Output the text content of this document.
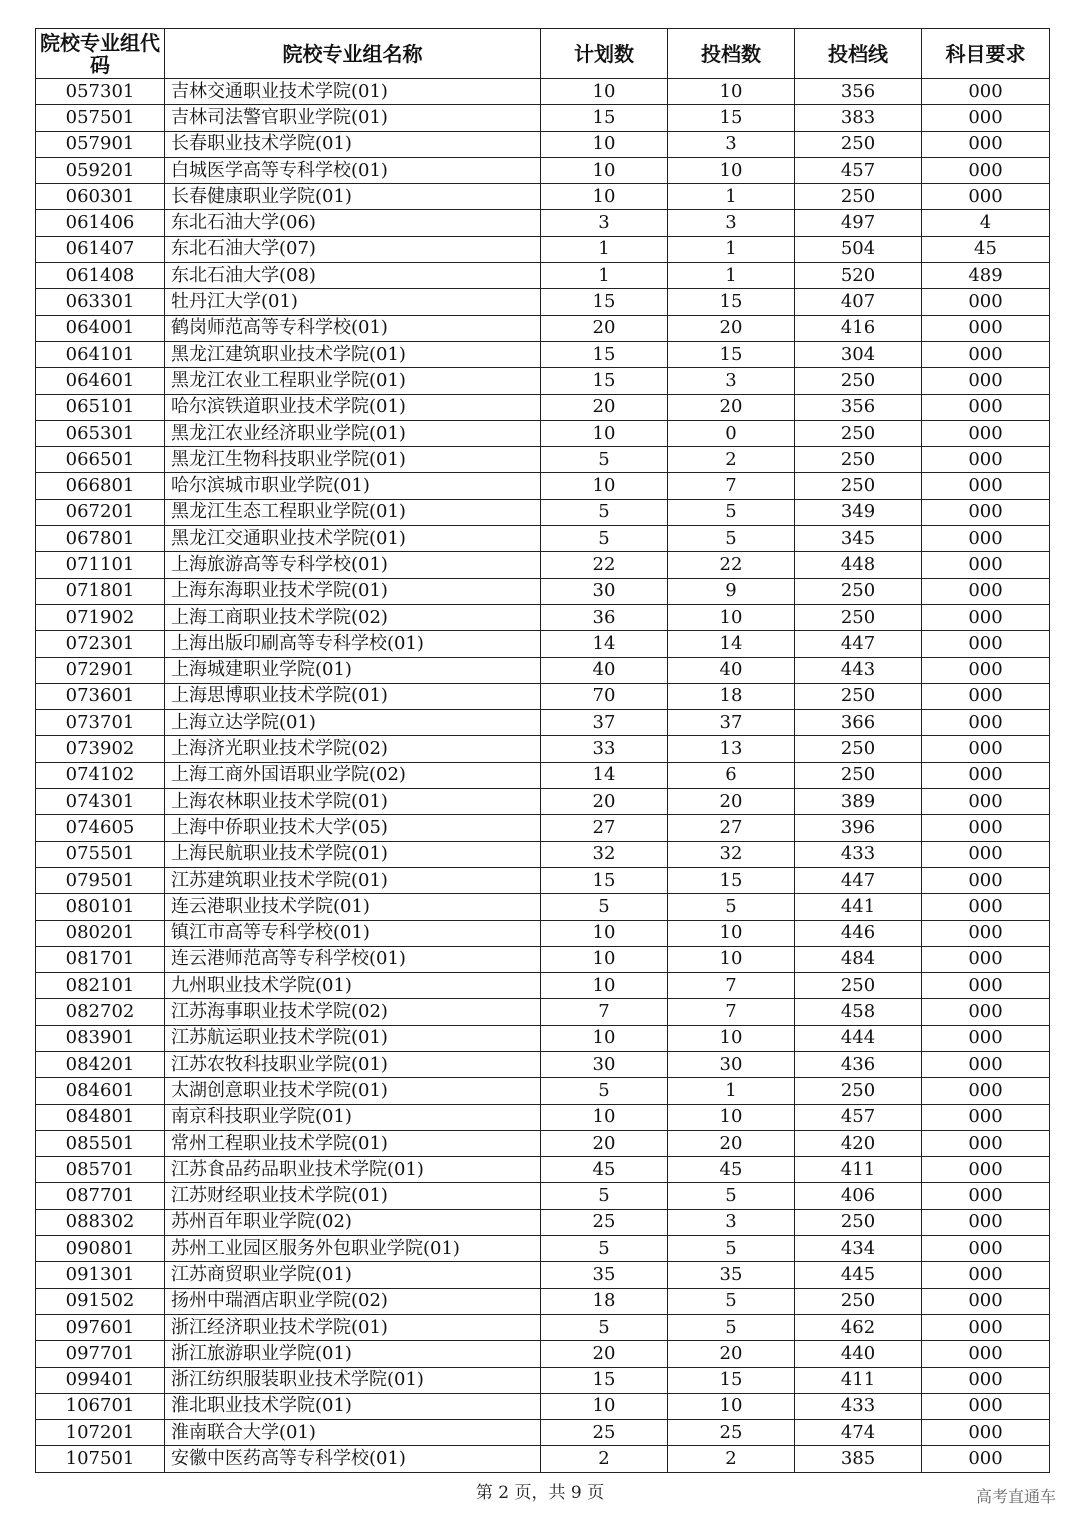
院校专业组代码	院校专业组名称	计划数	投档数	投档线	科目要求
057301	吉林交通职业技术学院(01)	10	10	356	000
057501	吉林司法警官职业学院(01)	15	15	383	000
057901	长春职业技术学院(01)	10	3	250	000
059201	白城医学高等专科学校(01)	10	10	457	000
060301	长春健康职业学院(01)	10	1	250	000
061406	东北石油大学(06)	3	3	497	4
061407	东北石油大学(07)	1	1	504	45
061408	东北石油大学(08)	1	1	520	489
063301	牡丹江大学(01)	15	15	407	000
064001	鹤岗师范高等专科学校(01)	20	20	416	000
064101	黑龙江建筑职业技术学院(01)	15	15	304	000
064601	黑龙江农业工程职业学院(01)	15	3	250	000
065101	哈尔滨铁道职业技术学院(01)	20	20	356	000
065301	黑龙江农业经济职业学院(01)	10	0	250	000
066501	黑龙江生物科技职业学院(01)	5	2	250	000
066801	哈尔滨城市职业学院(01)	10	7	250	000
067201	黑龙江生态工程职业学院(01)	5	5	349	000
067801	黑龙江交通职业技术学院(01)	5	5	345	000
071101	上海旅游高等专科学校(01)	22	22	448	000
071801	上海东海职业技术学院(01)	30	9	250	000
071902	上海工商职业技术学院(02)	36	10	250	000
072301	上海出版印刷高等专科学校(01)	14	14	447	000
072901	上海城建职业学院(01)	40	40	443	000
073601	上海思博职业技术学院(01)	70	18	250	000
073701	上海立达学院(01)	37	37	366	000
073902	上海济光职业技术学院(02)	33	13	250	000
074102	上海工商外国语职业学院(02)	14	6	250	000
074301	上海农林职业技术学院(01)	20	20	389	000
074605	上海中侨职业技术大学(05)	27	27	396	000
075501	上海民航职业技术学院(01)	32	32	433	000
079501	江苏建筑职业技术学院(01)	15	15	447	000
080101	连云港职业技术学院(01)	5	5	441	000
080201	镇江市高等专科学校(01)	10	10	446	000
081701	连云港师范高等专科学校(01)	10	10	484	000
082101	九州职业技术学院(01)	10	7	250	000
082702	江苏海事职业技术学院(02)	7	7	458	000
083901	江苏航运职业技术学院(01)	10	10	444	000
084201	江苏农牧科技职业学院(01)	30	30	436	000
084601	太湖创意职业技术学院(01)	5	1	250	000
084801	南京科技职业学院(01)	10	10	457	000
085501	常州工程职业技术学院(01)	20	20	420	000
085701	江苏食品药品职业技术学院(01)	45	45	411	000
087701	江苏财经职业技术学院(01)	5	5	406	000
088302	苏州百年职业学院(02)	25	3	250	000
090801	苏州工业园区服务外包职业学院(01)	5	5	434	000
091301	江苏商贸职业学院(01)	35	35	445	000
091502	扬州中瑞酒店职业学院(02)	18	5	250	000
097601	浙江经济职业技术学院(01)	5	5	462	000
097701	浙江旅游职业学院(01)	20	20	440	000
099401	浙江纺织服装职业技术学院(01)	15	15	411	000
106701	淮北职业技术学院(01)	10	10	433	000
107201	淮南联合大学(01)	25	25	474	000
107501	安徽中医药高等专科学校(01)	2	2	385	000
第 2 页，共 9 页	高考直通车
